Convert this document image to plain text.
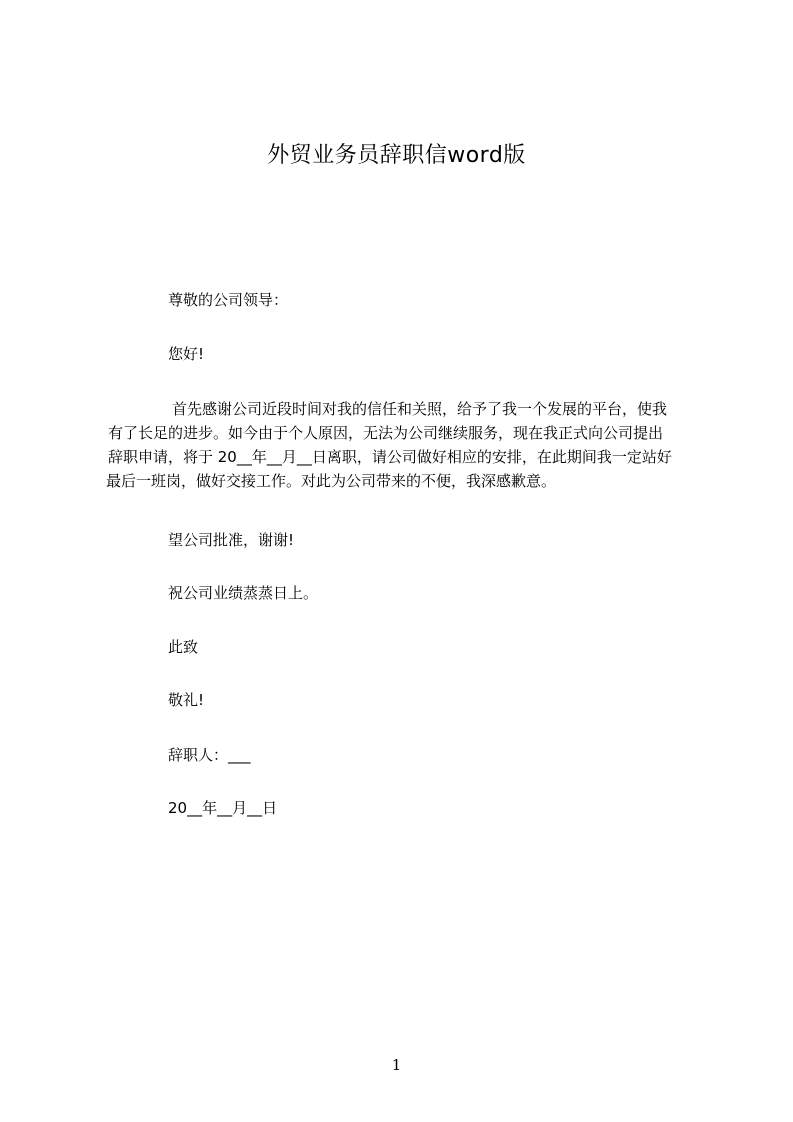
外贸业务员辞职信word版
尊敬的公司领导：
您好!
首先感谢公司近段时间对我的信任和关照，给予了我一个发展的平台，使我
有了长足的进步。如今由于个人原因，无法为公司继续服务，现在我正式向公司提出
辞职申请，将于 20__年__月__日离职，请公司做好相应的安排，在此期间我一定站好
最后一班岗，做好交接工作。对此为公司带来的不便，我深感歉意。
望公司批准，谢谢!
祝公司业绩蒸蒸日上。
此致
敬礼!
辞职人：___
20__年__月__日
1
